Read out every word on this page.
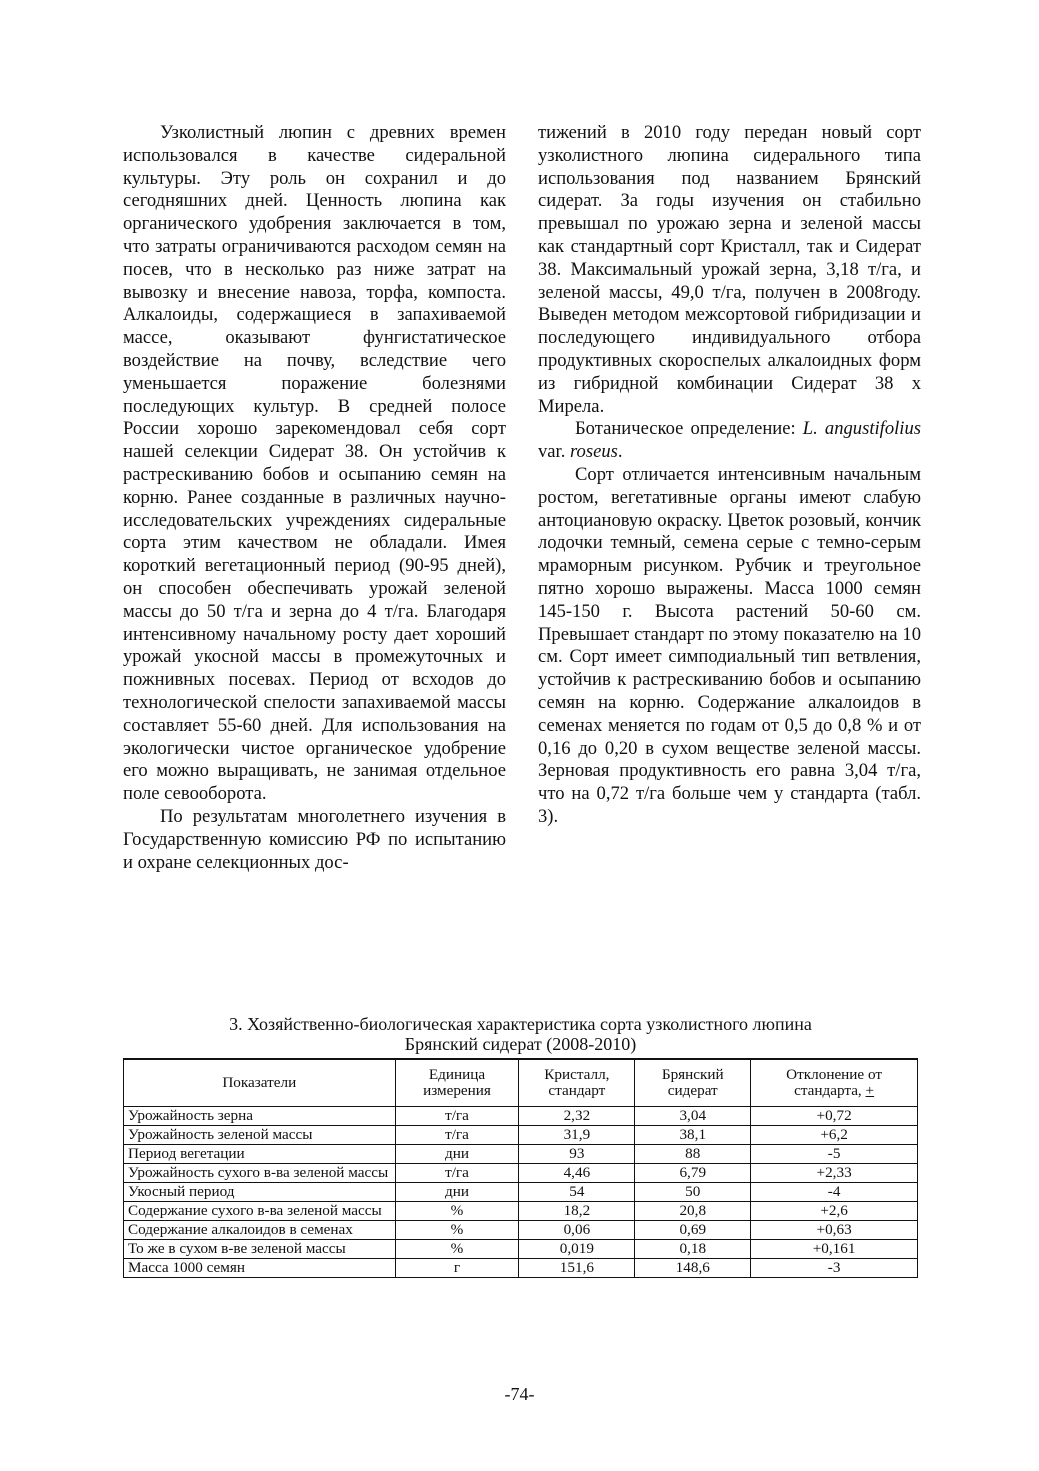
Узколистный люпин с древних времен использовался в качестве сидеральной культуры. Эту роль он сохранил и до сегодняшних дней. Ценность люпина как органического удобрения заключается в том, что затраты ограничиваются расходом семян на посев, что в несколько раз ниже затрат на вывозку и внесение навоза, торфа, компоста. Алкалоиды, содержащиеся в запахиваемой массе, оказывают фунгистатическое воздействие на почву, вследствие чего уменьшается поражение болезнями последующих культур. В средней полосе России хорошо зарекомендовал себя сорт нашей селекции Сидерат 38. Он устойчив к растрескиванию бобов и осыпанию семян на корню. Ранее созданные в различных научно-исследовательских учреждениях сидеральные сорта этим качеством не обладали. Имея короткий вегетационный период (90-95 дней), он способен обеспечивать урожай зеленой массы до 50 т/га и зерна до 4 т/га. Благодаря интенсивному начальному росту дает хороший урожай укосной массы в промежуточных и пожнивных посевах. Период от всходов до технологической спелости запахиваемой массы составляет 55-60 дней. Для использования на экологически чистое органическое удобрение его можно выращивать, не занимая отдельное поле севооборота.

По результатам многолетнего изучения в Государственную комиссию РФ по испытанию и охране селекционных дос-

тижений в 2010 году передан новый сорт узколистного люпина сидерального типа использования под названием Брянский сидерат. За годы изучения он стабильно превышал по урожаю зерна и зеленой массы как стандартный сорт Кристалл, так и Сидерат 38. Максимальный урожай зерна, 3,18 т/га, и зеленой массы, 49,0 т/га, получен в 2008году. Выведен методом межсортовой гибридизации и последующего индивидуального отбора продуктивных скороспелых алкалоидных форм из гибридной комбинации Сидерат 38 х Мирела.

Ботаническое определение: L. angustifolius var. roseus.

Сорт отличается интенсивным начальным ростом, вегетативные органы имеют слабую антоциановую окраску. Цветок розовый, кончик лодочки темный, семена серые с темно-серым мраморным рисунком. Рубчик и треугольное пятно хорошо выражены. Масса 1000 семян 145-150 г. Высота растений 50-60 см. Превышает стандарт по этому показателю на 10 см. Сорт имеет симподиальный тип ветвления, устойчив к растрескиванию бобов и осыпанию семян на корню. Содержание алкалоидов в семенах меняется по годам от 0,5 до 0,8 % и от 0,16 до 0,20 в сухом веществе зеленой массы. Зерновая продуктивность его равна 3,04 т/га, что на 0,72 т/га больше чем у стандарта (табл. 3).

3. Хозяйственно-биологическая характеристика сорта узколистного люпина
Брянский сидерат (2008-2010)
Показатели	Единица измерения	Кристалл, стандарт	Брянский сидерат	Отклонение от стандарта, +
Урожайность зерна	т/га	2,32	3,04	+0,72
Урожайность зеленой массы	т/га	31,9	38,1	+6,2
Период вегетации	дни	93	88	-5
Урожайность сухого в-ва зеленой массы	т/га	4,46	6,79	+2,33
Укосный период	дни	54	50	-4
Содержание сухого в-ва зеленой массы	%	18,2	20,8	+2,6
Содержание алкалоидов в семенах	%	0,06	0,69	+0,63
То же в сухом в-ве зеленой массы	%	0,019	0,18	+0,161
Масса 1000 семян	г	151,6	148,6	-3
-74-
